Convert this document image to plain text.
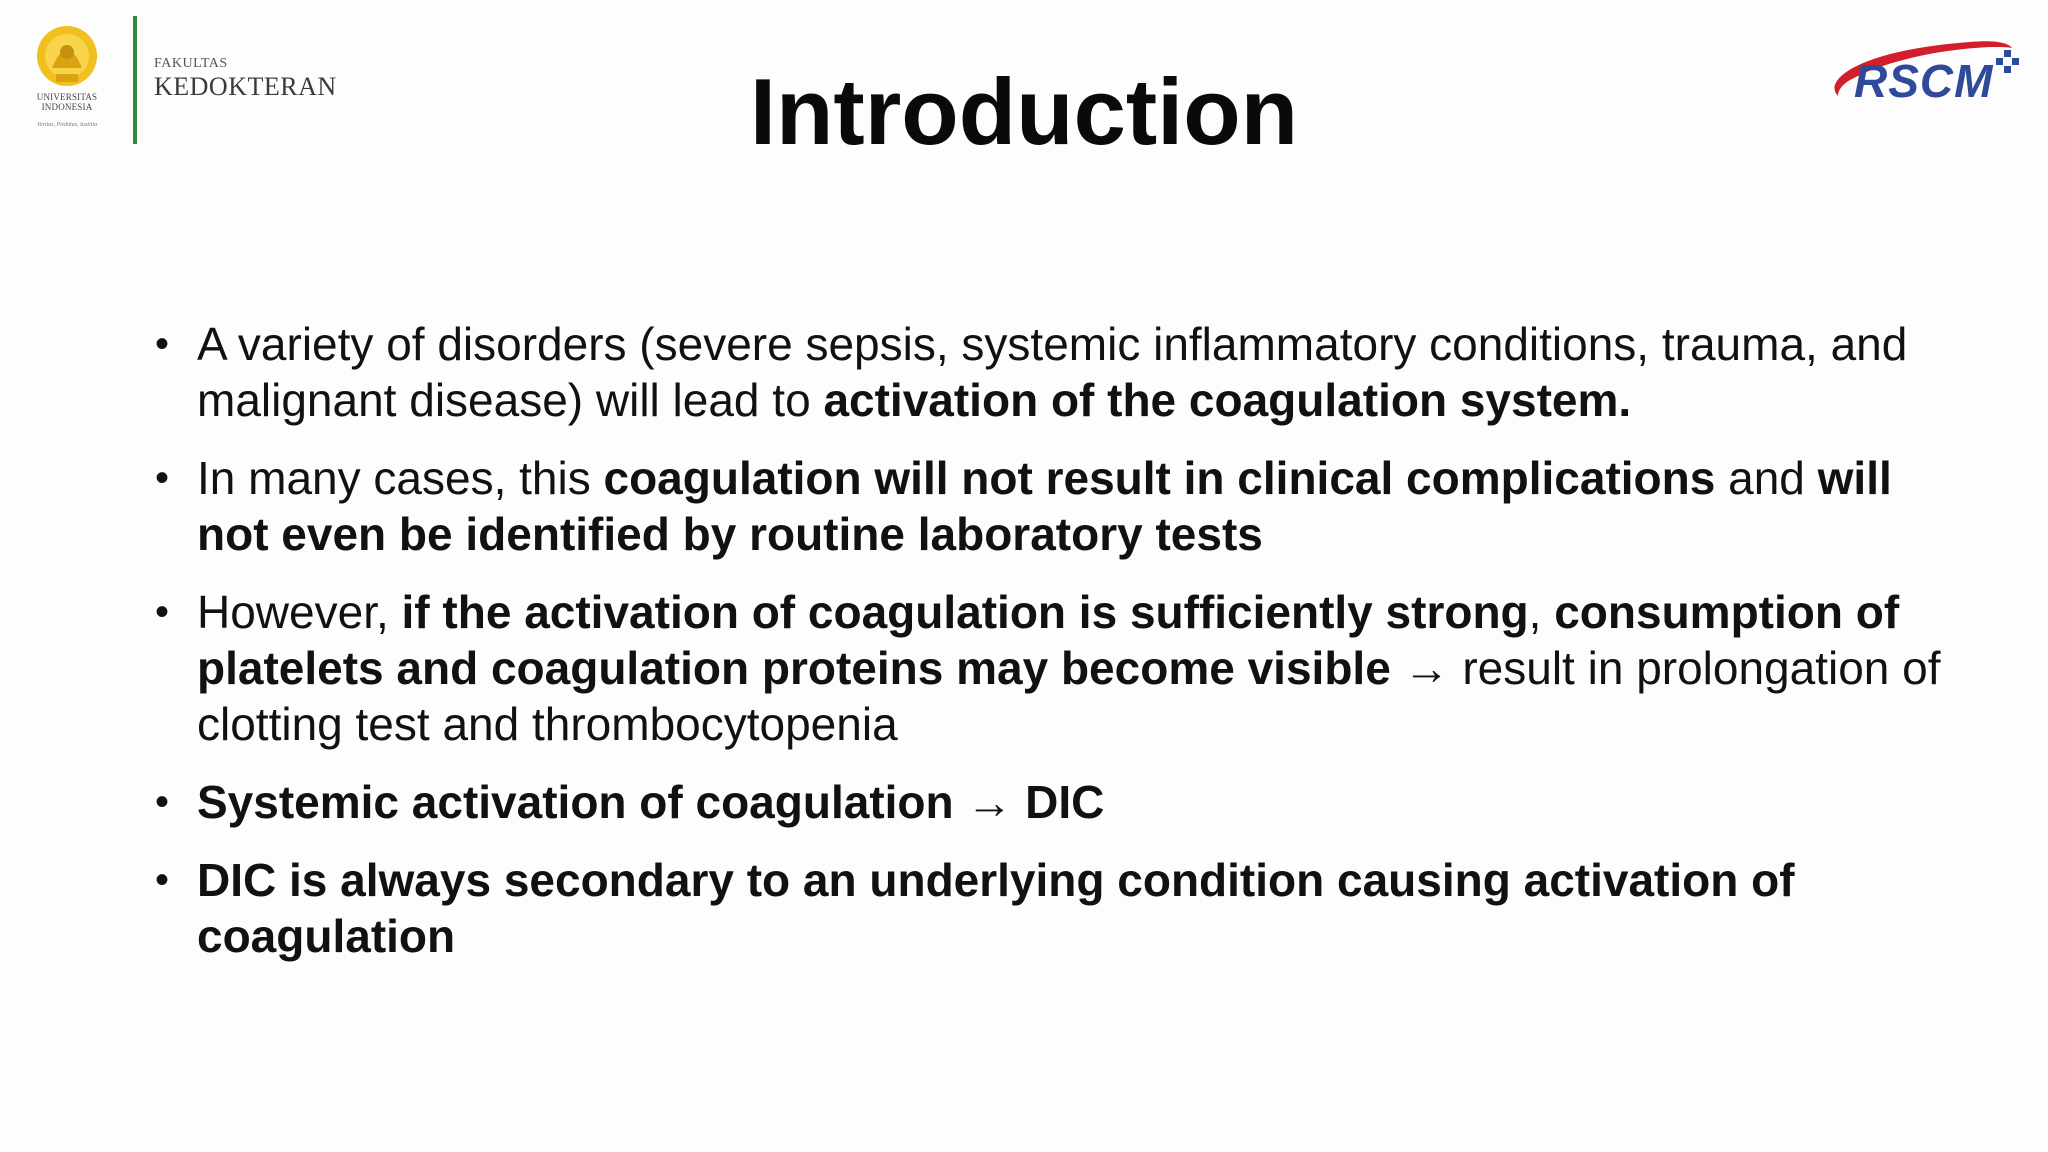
UNIVERSITAS
INDONESIA
Veritas, Probitas, Iustitia
FAKULTAS
KEDOKTERAN	RSCM
Introduction
• A variety of disorders (severe sepsis, systemic inflammatory conditions, trauma, and malignant disease) will lead to activation of the coagulation system.
• In many cases, this coagulation will not result in clinical complications and will not even be identified by routine laboratory tests
• However, if the activation of coagulation is sufficiently strong, consumption of platelets and coagulation proteins may become visible → result in prolongation of clotting test and thrombocytopenia
• Systemic activation of coagulation → DIC
• DIC is always secondary to an underlying condition causing activation of coagulation
